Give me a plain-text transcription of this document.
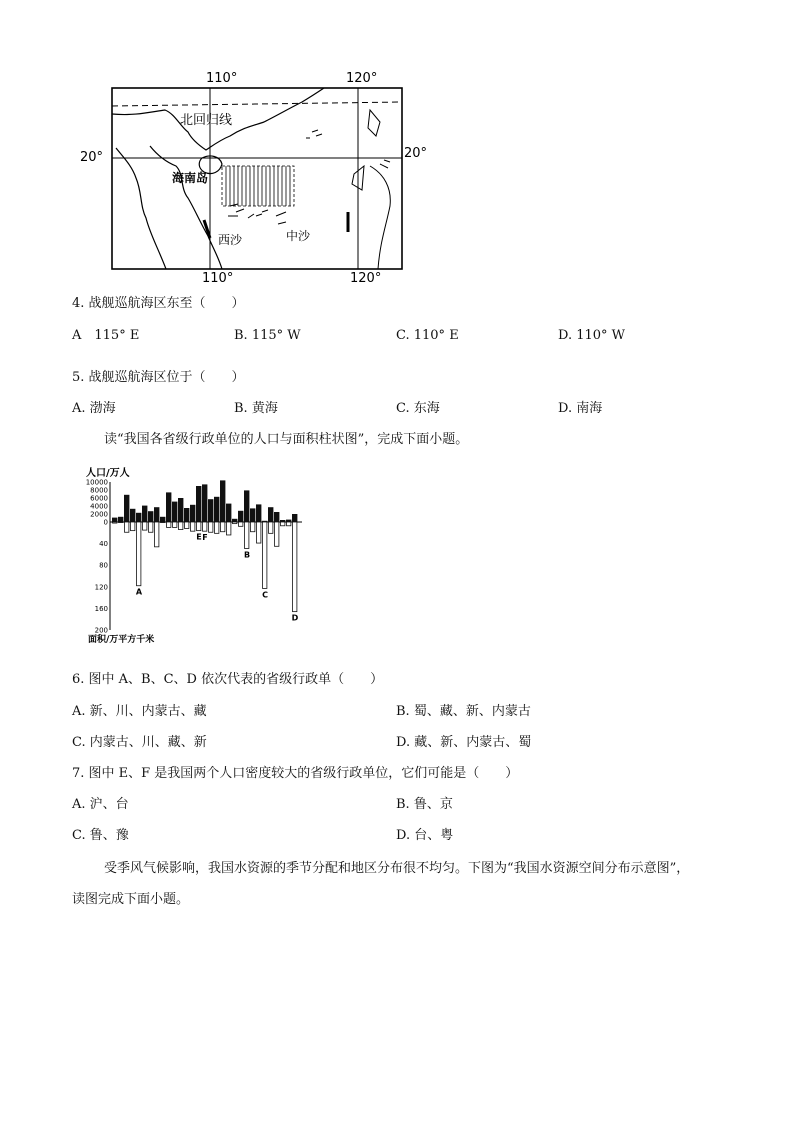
110°	120°
110°	120°
20°	20°
北回归线
海南岛
西沙	中沙
4. 战舰巡航海区东至（　　）
A　115° E	B. 115° W	C. 110° E	D. 110° W
5. 战舰巡航海区位于（　　）
A. 渤海	B. 黄海	C. 东海	D. 南海
读“我国各省级行政单位的人口与面积柱状图”，完成下面小题。
人口/万人
面积/万平方千米
10000
8000
6000
4000
2000
0
40
80
120
160
200
A
E F
B
C
D
6. 图中 A、B、C、D 依次代表的省级行政单（　　）
A. 新、川、内蒙古、藏	B. 蜀、藏、新、内蒙古
C. 内蒙古、川、藏、新	D. 藏、新、内蒙古、蜀
7. 图中 E、F 是我国两个人口密度较大的省级行政单位，它们可能是（　　）
A. 沪、台	B. 鲁、京
C. 鲁、豫	D. 台、粤
受季风气候影响，我国水资源的季节分配和地区分布很不均匀。下图为“我国水资源空间分布示意图”，
读图完成下面小题。
